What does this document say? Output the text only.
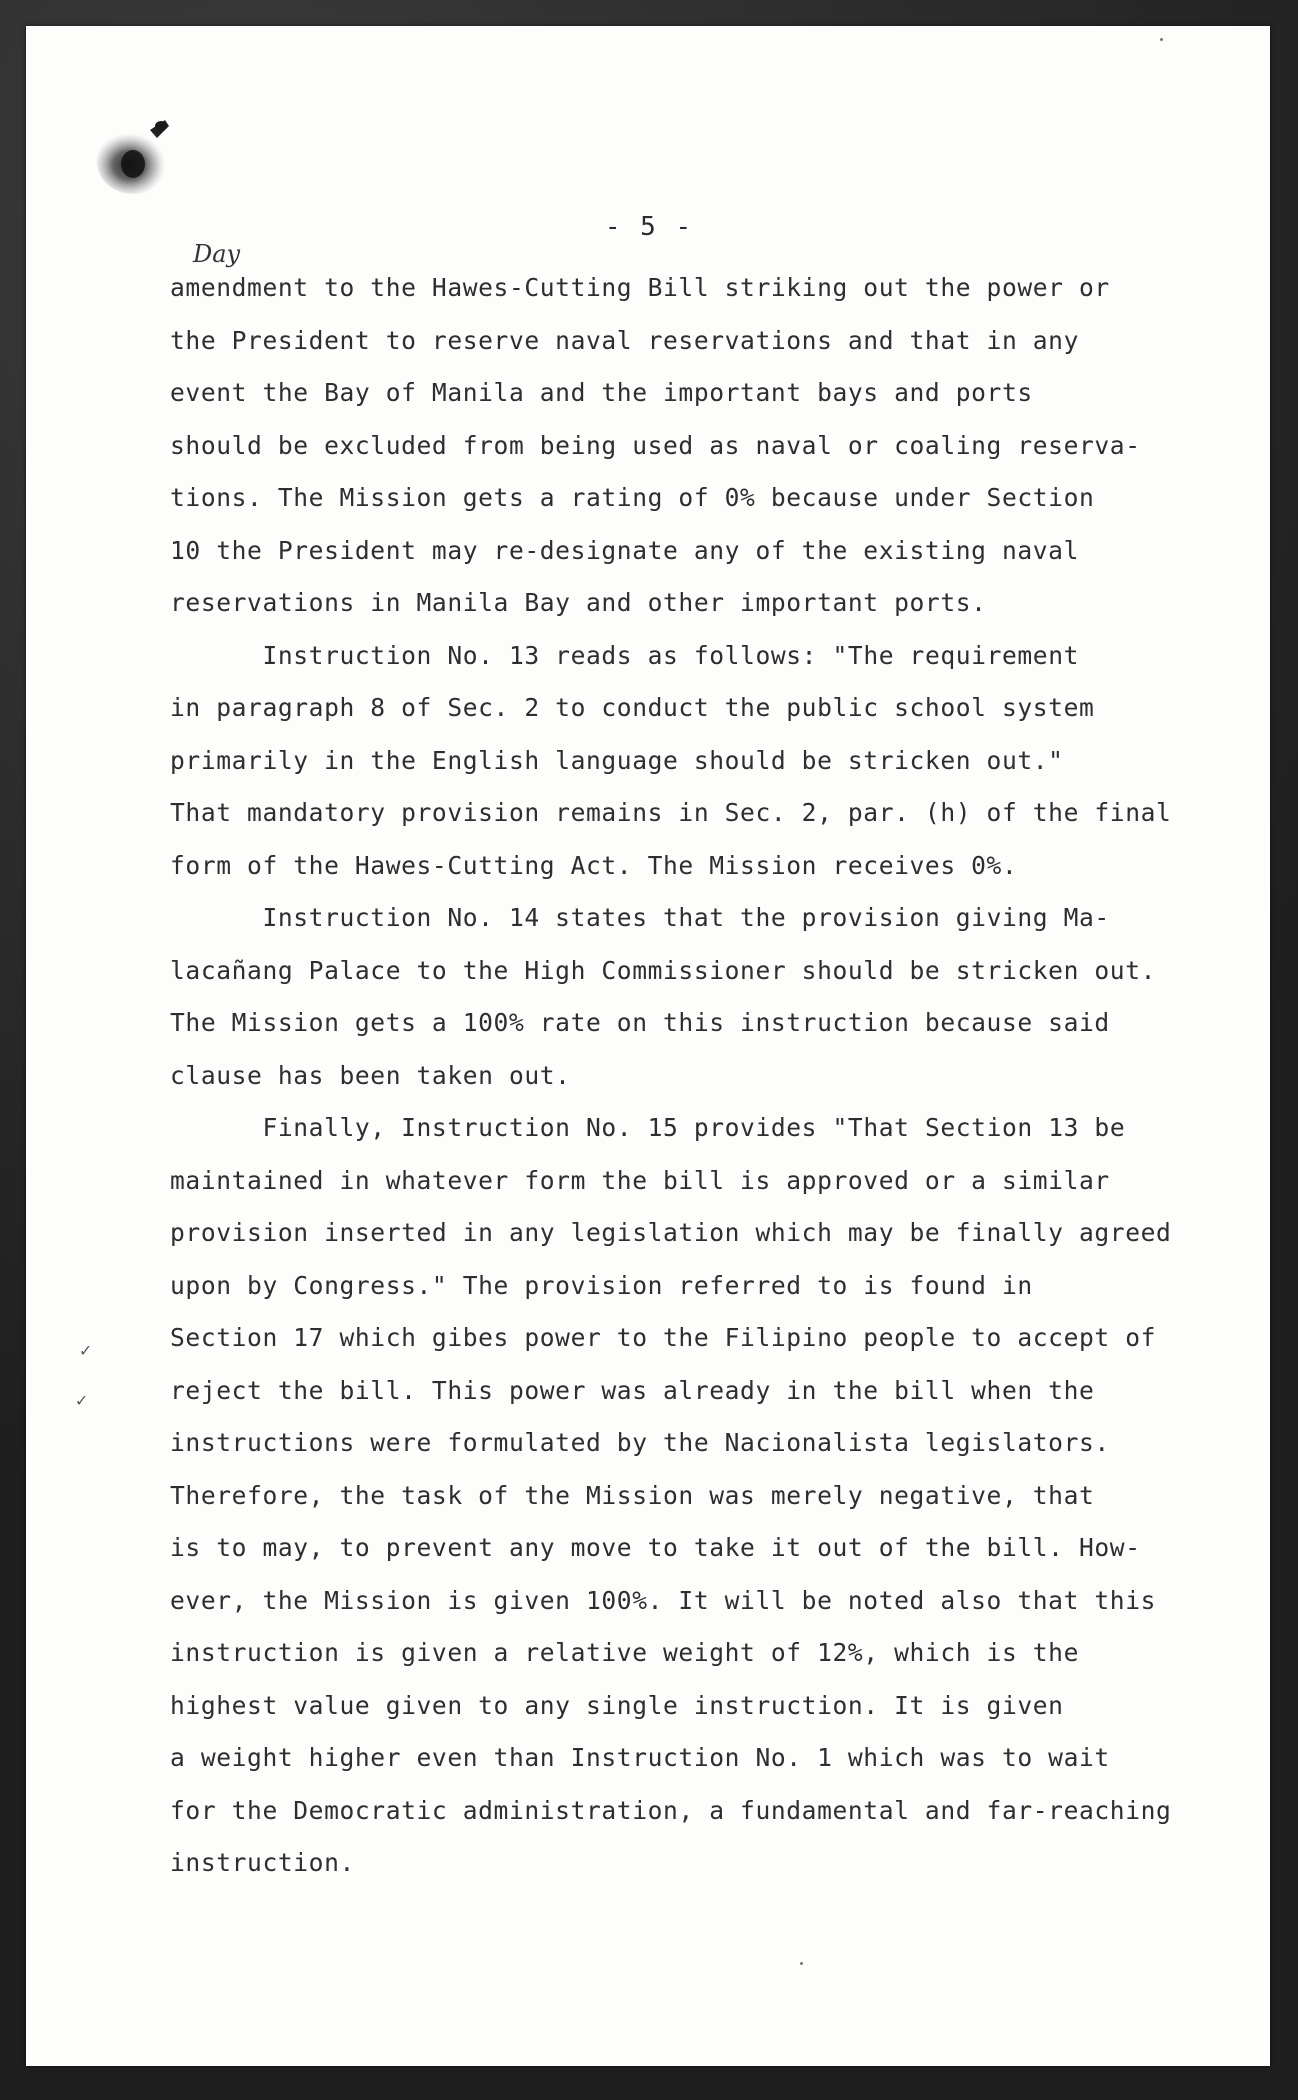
- 5 -
Day

amendment to the Hawes-Cutting Bill striking out the power or

the President to reserve naval reservations and that in any

event the Bay of Manila and the important bays and ports

should be excluded from being used as naval or coaling reserva-

tions. The Mission gets a rating of 0% because under Section

10 the President may re-designate any of the existing naval

reservations in Manila Bay and other important ports.

Instruction No. 13 reads as follows: "The requirement

in paragraph 8 of Sec. 2 to conduct the public school system

primarily in the English language should be stricken out."

That mandatory provision remains in Sec. 2, par. (h) of the final

form of the Hawes-Cutting Act. The Mission receives 0%.

Instruction No. 14 states that the provision giving Ma-

lacañang Palace to the High Commissioner should be stricken out.

The Mission gets a 100% rate on this instruction because said

clause has been taken out.

Finally, Instruction No. 15 provides "That Section 13 be

maintained in whatever form the bill is approved or a similar

provision inserted in any legislation which may be finally agreed

upon by Congress." The provision referred to is found in

Section 17 which gibes power to the Filipino people to accept of

reject the bill. This power was already in the bill when the

instructions were formulated by the Nacionalista legislators.

Therefore, the task of the Mission was merely negative, that

is to may, to prevent any move to take it out of the bill. How-

ever, the Mission is given 100%. It will be noted also that this

instruction is given a relative weight of 12%, which is the

highest value given to any single instruction. It is given

a weight higher even than Instruction No. 1 which was to wait

for the Democratic administration, a fundamental and far-reaching

instruction.

✓
✓
